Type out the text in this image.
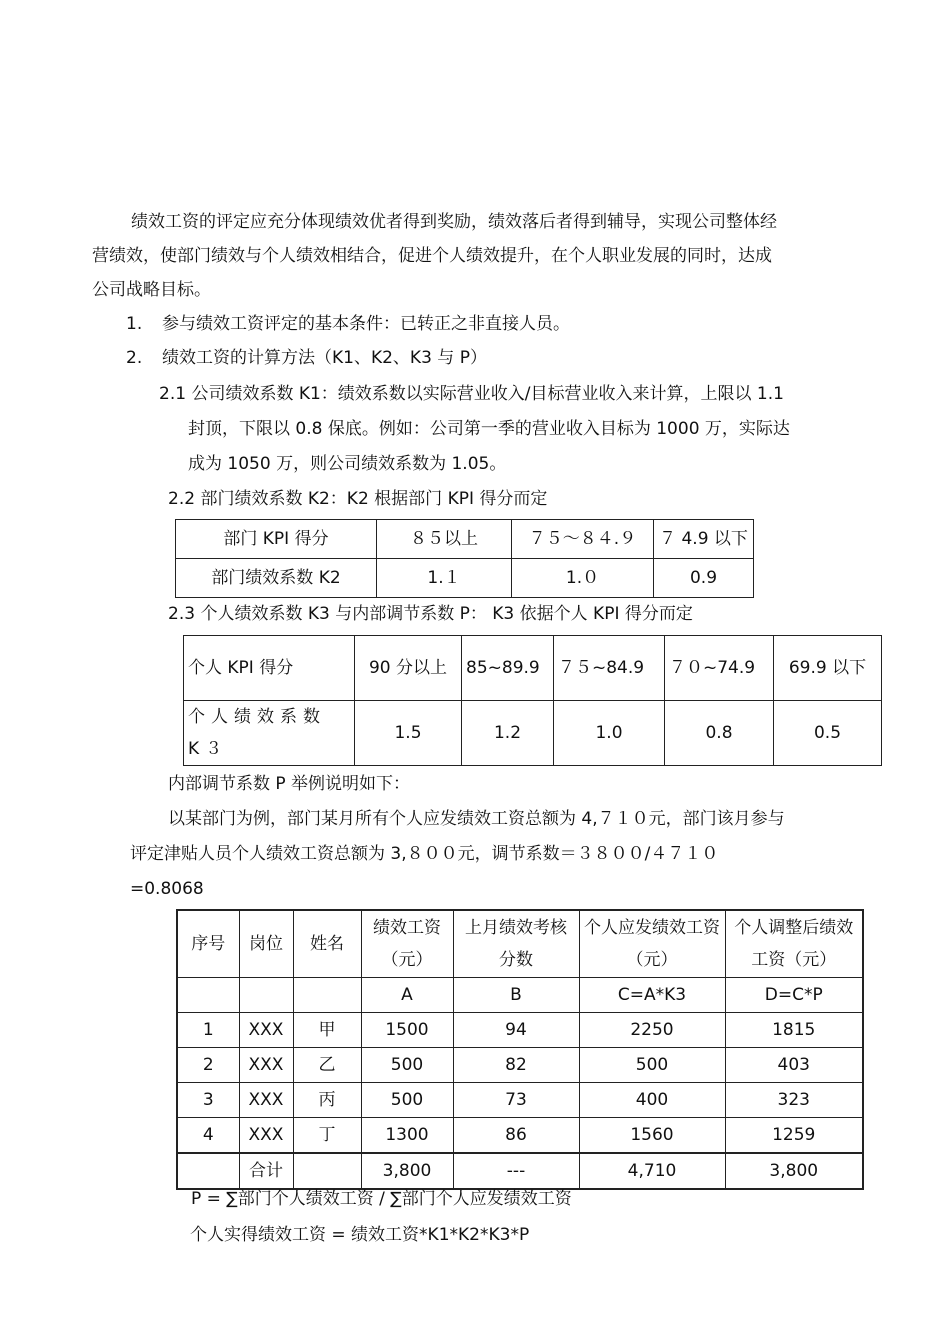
绩效工资的评定应充分体现绩效优者得到奖励，绩效落后者得到辅导，实现公司整体经
营绩效，使部门绩效与个人绩效相结合，促进个人绩效提升，在个人职业发展的同时，达成
公司战略目标。
1. 参与绩效工资评定的基本条件：已转正之非直接人员。
2. 绩效工资的计算方法（K1、K2、K3 与 P）
2.1 公司绩效系数 K1：绩效系数以实际营业收入/目标营业收入来计算，上限以 1.1
封顶，下限以 0.8 保底。例如：公司第一季的营业收入目标为 1000 万，实际达
成为 1050 万，则公司绩效系数为 1.05。
2.2 部门绩效系数 K2：K2 根据部门 KPI 得分而定
部门 KPI 得分	８５以上	７５～８４.９	７ 4.9 以下
部门绩效系数 K2	1.１	1.０	0.9
2.3 个人绩效系数 K3 与内部调节系数 P： K3 依据个人 KPI 得分而定
个人 KPI 得分	90 分以上	85~89.9	７５~84.9	７０~74.9	69.9 以下
个人绩效系数 K３	1.5	1.2	1.0	0.8	0.5
内部调节系数 P 举例说明如下：
以某部门为例，部门某月所有个人应发绩效工资总额为 4,７１０元，部门该月参与
评定津贴人员个人绩效工资总额为 3,８００元，调节系数＝３８００/４７１０
=0.8068
序号	岗位	姓名	绩效工资（元）	上月绩效考核分数	个人应发绩效工资（元）	个人调整后绩效工资（元）
			A	B	C=A*K3	D=C*P
1	XXX	甲	1500	94	2250	1815
2	XXX	乙	500	82	500	403
3	XXX	丙	500	73	400	323
4	XXX	丁	1300	86	1560	1259
	合计		3,800	---	4,710	3,800
P = ∑部门个人绩效工资 / ∑部门个人应发绩效工资
个人实得绩效工资 = 绩效工资*K1*K2*K3*P
